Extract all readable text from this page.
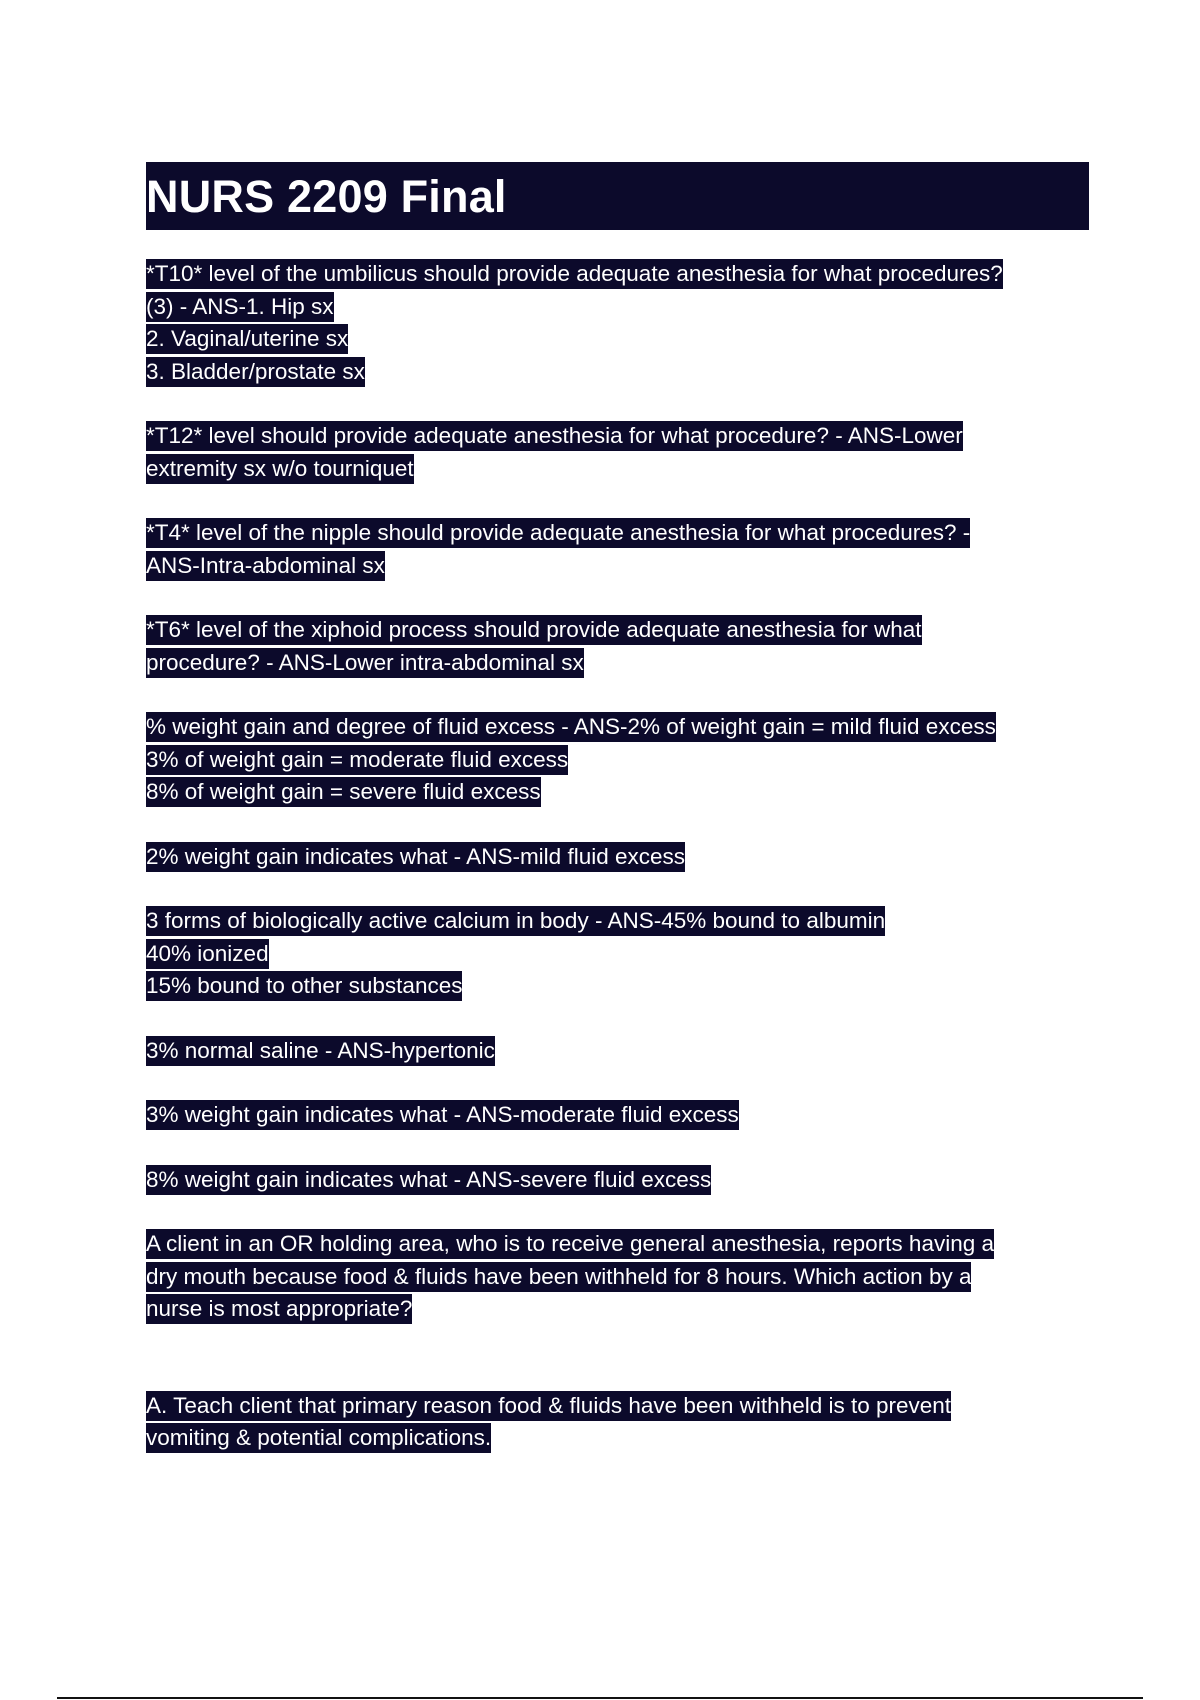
NURS 2209 Final
*T10* level of the umbilicus should provide adequate anesthesia for what procedures?
(3) - ANS-1. Hip sx
2. Vaginal/uterine sx
3. Bladder/prostate sx
*T12* level should provide adequate anesthesia for what procedure? - ANS-Lower
extremity sx w/o tourniquet
*T4* level of the nipple should provide adequate anesthesia for what procedures? -
ANS-Intra-abdominal sx
*T6* level of the xiphoid process should provide adequate anesthesia for what
procedure? - ANS-Lower intra-abdominal sx
% weight gain and degree of fluid excess - ANS-2% of weight gain = mild fluid excess
3% of weight gain = moderate fluid excess
8% of weight gain = severe fluid excess
2% weight gain indicates what - ANS-mild fluid excess
3 forms of biologically active calcium in body - ANS-45% bound to albumin
40% ionized
15% bound to other substances
3% normal saline - ANS-hypertonic
3% weight gain indicates what - ANS-moderate fluid excess
8% weight gain indicates what - ANS-severe fluid excess
A client in an OR holding area, who is to receive general anesthesia, reports having a
dry mouth because food & fluids have been withheld for 8 hours. Which action by a
nurse is most appropriate?
A. Teach client that primary reason food & fluids have been withheld is to prevent
vomiting & potential complications.
